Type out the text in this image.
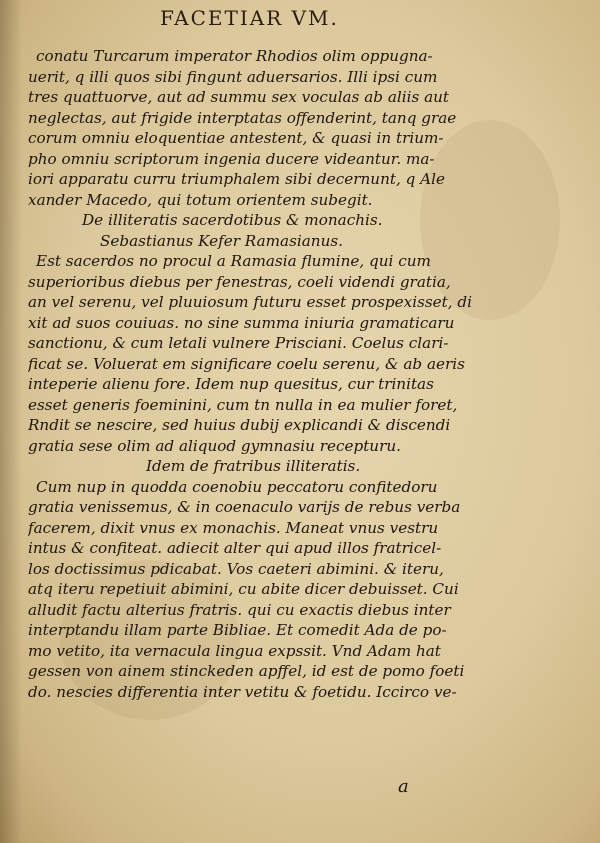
FACETIAR VM.
conatu Turcarum imperator Rhodios olim oppugna-
uerit, q illi quos sibi fingunt aduersarios. Illi ipsi cum
tres quattuorve, aut ad summu sex voculas ab aliis aut
neglectas, aut frigide interptatas offenderint, tanq grae
corum omniu eloquentiae antestent, & quasi in trium-
pho omniu scriptorum ingenia ducere videantur. ma-
iori apparatu curru triumphalem sibi decernunt, q Ale
xander Macedo, qui totum orientem subegit.
De illiteratis sacerdotibus & monachis.
Sebastianus Kefer Ramasianus.
Est sacerdos no procul a Ramasia flumine, qui cum
superioribus diebus per fenestras, coeli videndi gratia,
an vel serenu, vel pluuiosum futuru esset prospexisset, di
xit ad suos couiuas. no sine summa iniuria gramaticaru
sanctionu, & cum letali vulnere Prisciani. Coelus clari-
ficat se. Voluerat em significare coelu serenu, & ab aeris
inteperie alienu fore. Idem nup quesitus, cur trinitas
esset generis foeminini, cum tn nulla in ea mulier foret,
Rndit se nescire, sed huius dubij explicandi & discendi
gratia sese olim ad aliquod gymnasiu recepturu.
Idem de fratribus illiteratis.
Cum nup in quodda coenobiu peccatoru confitedoru
gratia venissemus, & in coenaculo varijs de rebus verba
facerem, dixit vnus ex monachis. Maneat vnus vestru
intus & confiteat. adiecit alter qui apud illos fratricel-
los doctissimus pdicabat. Vos caeteri abimini. & iteru,
atq iteru repetiuit abimini, cu abite dicer debuisset. Cui
alludit factu alterius fratris. qui cu exactis diebus inter
interptandu illam parte Bibliae. Et comedit Ada de po-
mo vetito, ita vernacula lingua expssit. Vnd Adam hat
gessen von ainem stinckeden apffel, id est de pomo foeti
do. nescies differentia inter vetitu & foetidu. Iccirco ve-
a
